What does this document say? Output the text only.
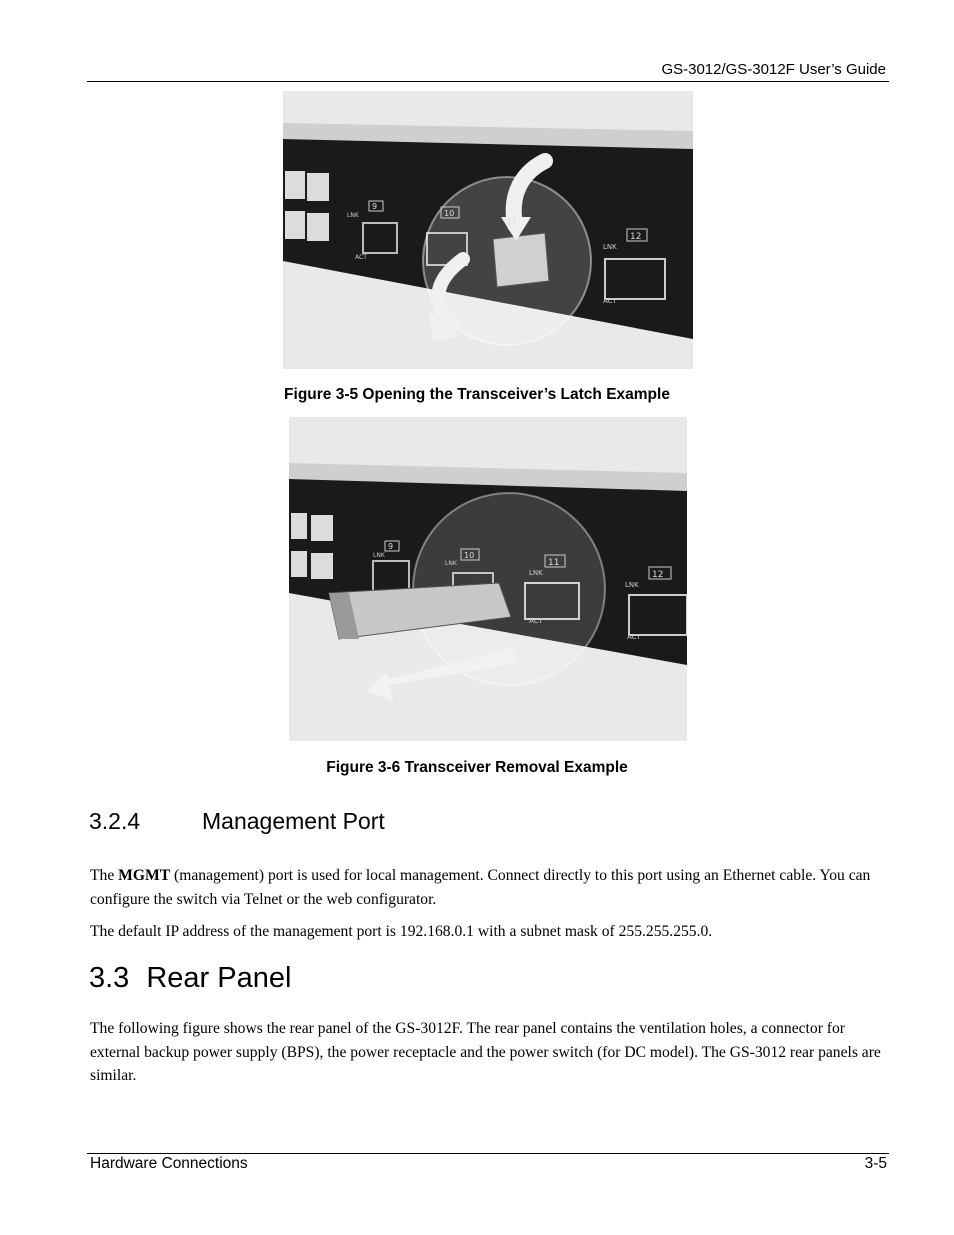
GS-3012/GS-3012F User’s Guide
9
10
11
12
LNK
ACT
LNK
ACT
Figure 3-5 Opening the Transceiver’s Latch Example
9
10
11
12
LNK
LNK
LNK
ACT
LNK
ACT
Figure 3-6 Transceiver Removal Example
3.2.4	Management Port
The MGMT (management) port is used for local management. Connect directly to this port using an Ethernet cable. You can configure the switch via Telnet or the web configurator.
The default IP address of the management port is 192.168.0.1 with a subnet mask of 255.255.255.0.
3.3 Rear Panel
The following figure shows the rear panel of the GS-3012F. The rear panel contains the ventilation holes, a connector for external backup power supply (BPS), the power receptacle and the power switch (for DC model). The GS-3012 rear panels are similar.
Hardware Connections	3-5
